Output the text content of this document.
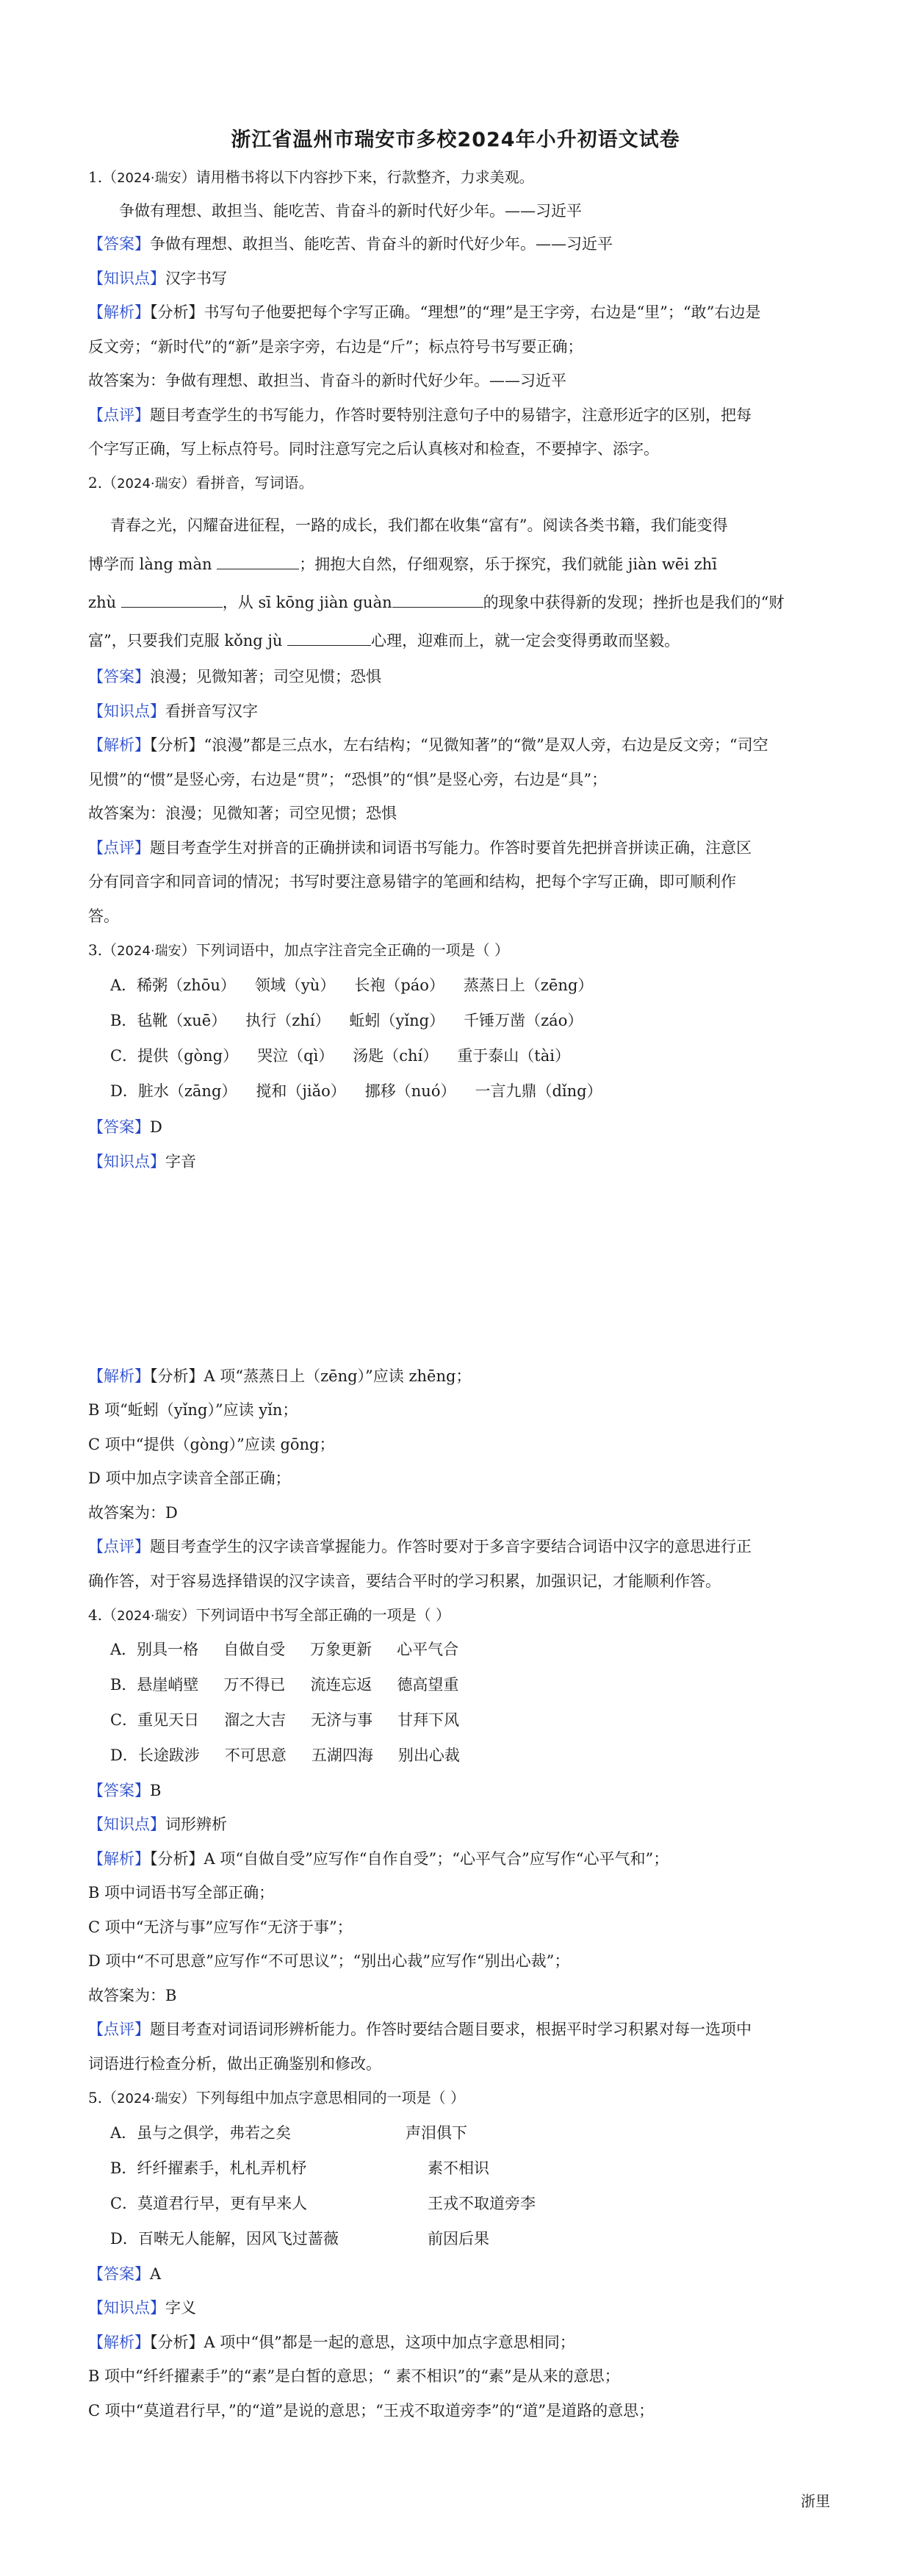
浙江省温州市瑞安市多校2024年小升初语文试卷
1.（2024·瑞安）请用楷书将以下内容抄下来，行款整齐，力求美观。
争做有理想、敢担当、能吃苦、肯奋斗的新时代好少年。——习近平
【答案】争做有理想、敢担当、能吃苦、肯奋斗的新时代好少年。——习近平
【知识点】汉字书写
【解析】【分析】书写句子他要把每个字写正确。“理想”的“理”是王字旁，右边是“里”；“敢”右边是
反文旁；“新时代”的“新”是亲字旁，右边是“斤”；标点符号书写要正确；
故答案为：争做有理想、敢担当、肯奋斗的新时代好少年。——习近平
【点评】题目考查学生的书写能力，作答时要特别注意句子中的易错字，注意形近字的区别，把每
个字写正确，写上标点符号。同时注意写完之后认真核对和检查，不要掉字、添字。
2.（2024·瑞安）看拼音，写词语。
青春之光，闪耀奋进征程，一路的成长，我们都在收集“富有”。阅读各类书籍，我们能变得
博学而 làng màn	；拥抱大自然，仔细观察，乐于探究，我们就能 jiàn wēi zhī
zhù	，从 sī kōng jiàn guàn	的现象中获得新的发现；挫折也是我们的“财
富”，只要我们克服 kǒng jù	心理，迎难而上，就一定会变得勇敢而坚毅。
【答案】浪漫；见微知著；司空见惯；恐惧
【知识点】看拼音写汉字
【解析】【分析】“浪漫”都是三点水，左右结构；“见微知著”的“微”是双人旁，右边是反文旁；“司空
见惯”的“惯”是竖心旁，右边是“贯”；“恐惧”的“惧”是竖心旁，右边是“具”；
故答案为：浪漫；见微知著；司空见惯；恐惧
【点评】题目考查学生对拼音的正确拼读和词语书写能力。作答时要首先把拼音拼读正确，注意区
分有同音字和同音词的情况；书写时要注意易错字的笔画和结构，把每个字写正确，即可顺利作
答。
3.（2024·瑞安）下列词语中，加点字注音完全正确的一项是（ ）
A．稀粥（zhōu） 领域（yù） 长袍（páo） 蒸蒸日上（zēng）
B．毡靴（xuē） 执行（zhí） 蚯蚓（yǐng） 千锤万凿（záo）
C．提供（gòng） 哭泣（qì） 汤匙（chí） 重于泰山（tài）
D．脏水（zāng） 搅和（jiǎo） 挪移（nuó） 一言九鼎（dǐng）
【答案】D
【知识点】字音
【解析】【分析】A 项“蒸蒸日上（zēng）”应读 zhēng；
B 项“蚯蚓（yǐng）”应读 yǐn；
C 项中“提供（gòng）”应读 gōng；
D 项中加点字读音全部正确；
故答案为：D
【点评】题目考查学生的汉字读音掌握能力。作答时要对于多音字要结合词语中汉字的意思进行正
确作答，对于容易选择错误的汉字读音，要结合平时的学习积累，加强识记，才能顺利作答。
4.（2024·瑞安）下列词语中书写全部正确的一项是（ ）
A．别具一格 自做自受 万象更新 心平气合
B．悬崖峭壁 万不得已 流连忘返 德高望重
C．重见天日 溜之大吉 无济与事 甘拜下风
D．长途跋涉 不可思意 五湖四海 别出心裁
【答案】B
【知识点】词形辨析
【解析】【分析】A 项“自做自受”应写作“自作自受”；“心平气合”应写作“心平气和”；
B 项中词语书写全部正确；
C 项中“无济与事”应写作“无济于事”；
D 项中“不可思意”应写作“不可思议”；“别出心裁”应写作“别出心裁”；
故答案为：B
【点评】题目考查对词语词形辨析能力。作答时要结合题目要求，根据平时学习积累对每一选项中
词语进行检查分析，做出正确鉴别和修改。
5.（2024·瑞安）下列每组中加点字意思相同的一项是（ ）
A．虽与之俱学，弗若之矣	声泪俱下
B．纤纤擢素手，札札弄机杼	素不相识
C．莫道君行早，更有早来人	王戎不取道旁李
D．百啭无人能解，因风飞过蔷薇	前因后果
【答案】A
【知识点】字义
【解析】【分析】A 项中“俱”都是一起的意思，这项中加点字意思相同；
B 项中“纤纤擢素手”的“素”是白皙的意思；“ 素不相识”的“素”是从来的意思；
C 项中“莫道君行早，”的“道”是说的意思；“王戎不取道旁李”的“道”是道路的意思；
浙里
